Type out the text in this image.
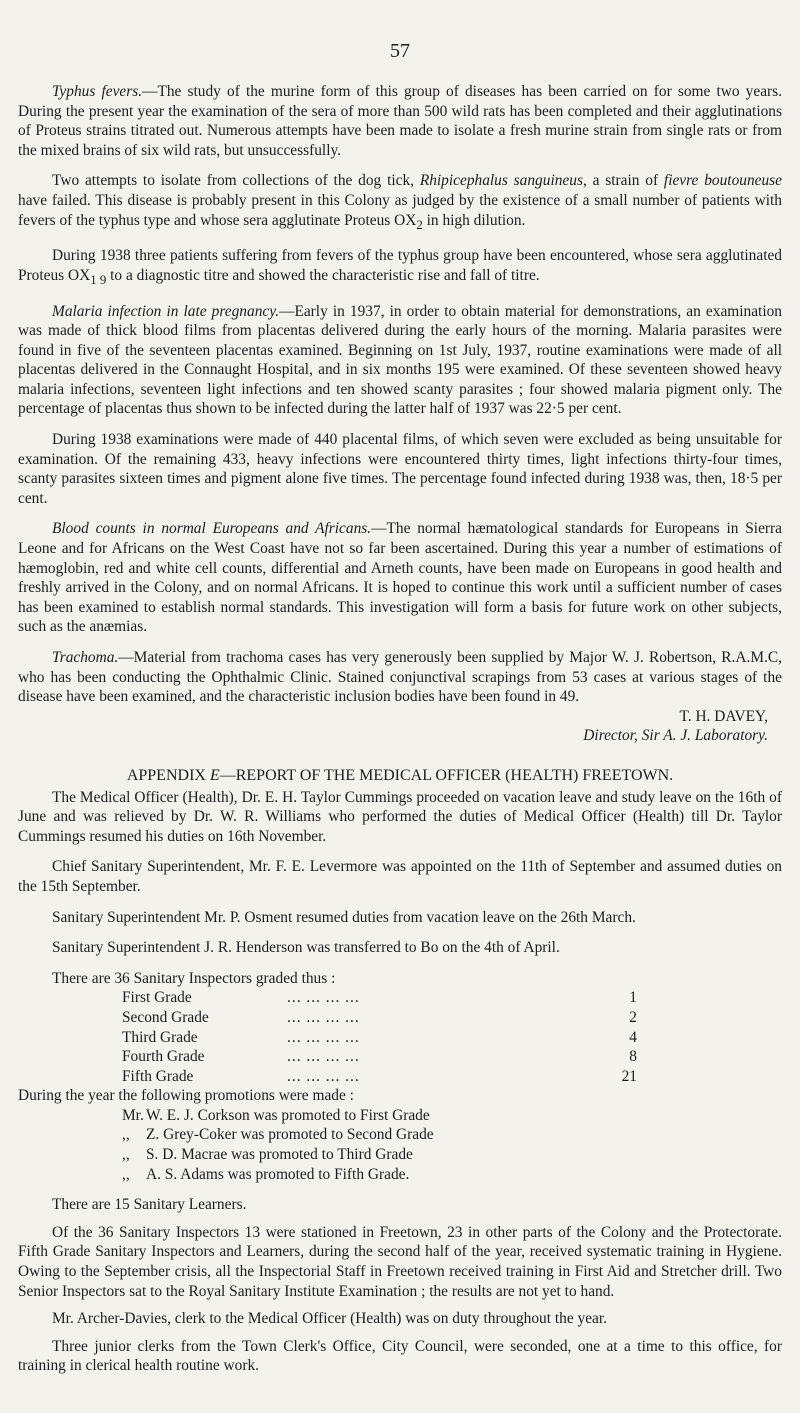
57

Typhus fevers.—The study of the murine form of this group of diseases has been carried on for some two years. During the present year the examination of the sera of more than 500 wild rats has been completed and their agglutinations of Proteus strains titrated out. Numerous attempts have been made to isolate a fresh murine strain from single rats or from the mixed brains of six wild rats, but unsuccessfully.

Two attempts to isolate from collections of the dog tick, Rhipicephalus sanguineus, a strain of fievre boutouneuse have failed. This disease is probably present in this Colony as judged by the existence of a small number of patients with fevers of the typhus type and whose sera agglutinate Proteus $OX_2$ in high dilution.

During 1938 three patients suffering from fevers of the typhus group have been encountered, whose sera agglutinated Proteus $OX_{1 9}$ to a diagnostic titre and showed the characteristic rise and fall of titre.

Malaria infection in late pregnancy.—Early in 1937, in order to obtain material for demonstrations, an examination was made of thick blood films from placentas delivered during the early hours of the morning. Malaria parasites were found in five of the seventeen placentas examined. Beginning on 1st July, 1937, routine examinations were made of all placentas delivered in the Connaught Hospital, and in six months 195 were examined. Of these seventeen showed heavy malaria infections, seventeen light infections and ten showed scanty parasites ; four showed malaria pigment only. The percentage of placentas thus shown to be infected during the latter half of 1937 was 22·5 per cent.

During 1938 examinations were made of 440 placental films, of which seven were excluded as being unsuitable for examination. Of the remaining 433, heavy infections were encountered thirty times, light infections thirty-four times, scanty parasites sixteen times and pigment alone five times. The percentage found infected during 1938 was, then, 18·5 per cent.

Blood counts in normal Europeans and Africans.—The normal hæmatological standards for Europeans in Sierra Leone and for Africans on the West Coast have not so far been ascertained. During this year a number of estimations of hæmoglobin, red and white cell counts, differential and Arneth counts, have been made on Europeans in good health and freshly arrived in the Colony, and on normal Africans. It is hoped to continue this work until a sufficient number of cases has been examined to establish normal standards. This investigation will form a basis for future work on other subjects, such as the anæmias.

Trachoma.—Material from trachoma cases has very generously been supplied by Major W. J. Robertson, R.A.M.C, who has been conducting the Ophthalmic Clinic. Stained conjunctival scrapings from 53 cases at various stages of the disease have been examined, and the characteristic inclusion bodies have been found in 49.

T. H. DAVEY,
Director, Sir A. J. Laboratory.

APPENDIX E—REPORT OF THE MEDICAL OFFICER (HEALTH) FREETOWN.

The Medical Officer (Health), Dr. E. H. Taylor Cummings proceeded on vacation leave and study leave on the 16th of June and was relieved by Dr. W. R. Williams who performed the duties of Medical Officer (Health) till Dr. Taylor Cummings resumed his duties on 16th November.

Chief Sanitary Superintendent, Mr. F. E. Levermore was appointed on the 11th of September and assumed duties on the 15th September.

Sanitary Superintendent Mr. P. Osment resumed duties from vacation leave on the 26th March.

Sanitary Superintendent J. R. Henderson was transferred to Bo on the 4th of April.

There are 36 Sanitary Inspectors graded thus :

First Grade	... ... ... ...	1
Second Grade	... ... ... ...	2
Third Grade	... ... ... ...	4
Fourth Grade	... ... ... ...	8
Fifth Grade	... ... ... ...	21

During the year the following promotions were made :

Mr. W. E. J. Corkson was promoted to First Grade
,,	Z. Grey-Coker was promoted to Second Grade
,,	S. D. Macrae was promoted to Third Grade
,,	A. S. Adams was promoted to Fifth Grade.

There are 15 Sanitary Learners.

Of the 36 Sanitary Inspectors 13 were stationed in Freetown, 23 in other parts of the Colony and the Protectorate. Fifth Grade Sanitary Inspectors and Learners, during the second half of the year, received systematic training in Hygiene. Owing to the September crisis, all the Inspectorial Staff in Freetown received training in First Aid and Stretcher drill. Two Senior Inspectors sat to the Royal Sanitary Institute Examination ; the results are not yet to hand.

Mr. Archer-Davies, clerk to the Medical Officer (Health) was on duty throughout the year.

Three junior clerks from the Town Clerk's Office, City Council, were seconded, one at a time to this office, for training in clerical health routine work.
